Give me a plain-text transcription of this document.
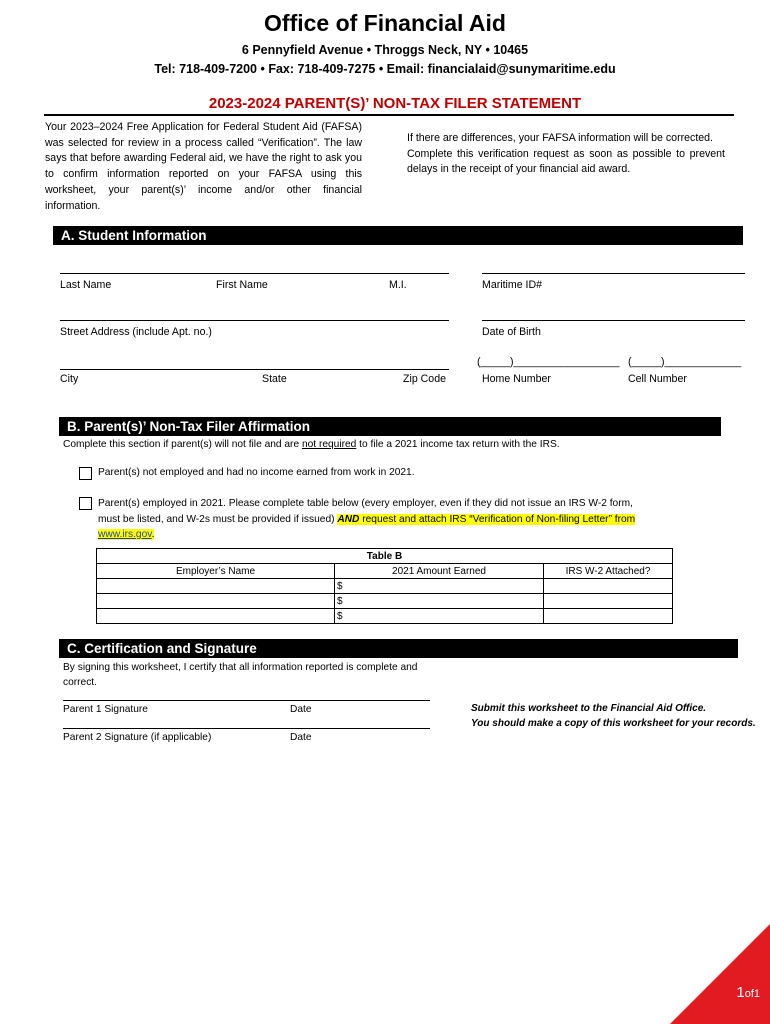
Office of Financial Aid
6 Pennyfield Avenue • Throggs Neck, NY • 10465
Tel: 718-409-7200 • Fax: 718-409-7275 • Email: financialaid@sunymaritime.edu
2023-2024 PARENT(S)’ NON-TAX FILER STATEMENT
Your 2023–2024 Free Application for Federal Student Aid (FAFSA) was selected for review in a process called “Verification”. The law says that before awarding Federal aid, we have the right to ask you to confirm information reported on your FAFSA using this worksheet, your parent(s)’ income and/or other financial information.
If there are differences, your FAFSA information will be corrected.
Complete this verification request as soon as possible to prevent delays in the receipt of your financial aid award.
A. Student Information
Last Name	First Name	M.I.	Maritime ID#
Street Address (include Apt. no.)	Date of Birth
(_____)__________________ (_____)_____________
City	State	Zip Code	Home Number	Cell Number
B. Parent(s)’ Non-Tax Filer Affirmation
Complete this section if parent(s) will not file and are not required to file a 2021 income tax return with the IRS.
Parent(s) not employed and had no income earned from work in 2021.
Parent(s) employed in 2021. Please complete table below (every employer, even if they did not issue an IRS W-2 form,
must be listed, and W-2s must be provided if issued) AND request and attach IRS “Verification of Non-filing Letter” from
www.irs.gov.
Table B		
Employer’s Name	2021 Amount Earned	IRS W-2 Attached?
	$	
	$	
	$	
C. Certification and Signature
By signing this worksheet, I certify that all information reported is complete and correct.
Parent 1 Signature	Date
Parent 2 Signature (if applicable)	Date
Submit this worksheet to the Financial Aid Office.
You should make a copy of this worksheet for your records.
1of1
